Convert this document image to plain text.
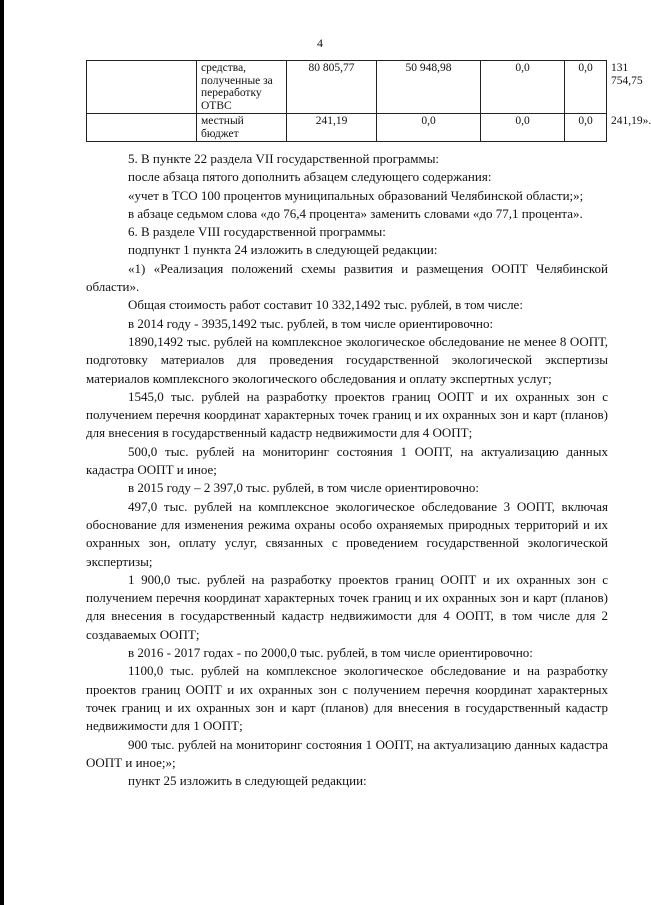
4
	средства, полученные за переработку ОТВС	80 805,77	50 948,98	0,0	0,0	131 754,75
	местный бюджет	241,19	0,0	0,0	0,0	241,19».

5. В пункте 22 раздела VII государственной программы:

после абзаца пятого дополнить абзацем следующего содержания:

«учет в ТСО 100 процентов муниципальных образований Челябинской области;»;

в абзаце седьмом слова «до 76,4 процента» заменить словами «до 77,1 процента».

6. В разделе VIII государственной программы:

подпункт 1 пункта 24 изложить в следующей редакции:

«1) «Реализация положений схемы развития и размещения ООПТ Челябинской области».

Общая стоимость работ составит 10 332,1492 тыс. рублей, в том числе:

в 2014 году - 3935,1492 тыс. рублей, в том числе ориентировочно:

1890,1492 тыс. рублей на комплексное экологическое обследование не менее 8 ООПТ, подготовку материалов для проведения государственной экологической экспертизы материалов комплексного экологического обследования и оплату экспертных услуг;

1545,0 тыс. рублей на разработку проектов границ ООПТ и их охранных зон с получением перечня координат характерных точек границ и их охранных зон и карт (планов) для внесения в государственный кадастр недвижимости для 4 ООПТ;

500,0 тыс. рублей на мониторинг состояния 1 ООПТ, на актуализацию данных кадастра ООПТ и иное;

в 2015 году – 2 397,0 тыс. рублей, в том числе ориентировочно:

497,0 тыс. рублей на комплексное экологическое обследование 3 ООПТ, включая обоснование для изменения режима охраны особо охраняемых природных территорий и их охранных зон, оплату услуг, связанных с проведением государственной экологической экспертизы;

1 900,0 тыс. рублей на разработку проектов границ ООПТ и их охранных зон с получением перечня координат характерных точек границ и их охранных зон и карт (планов) для внесения в государственный кадастр недвижимости для 4 ООПТ, в том числе для 2 создаваемых ООПТ;

в 2016 - 2017 годах - по 2000,0 тыс. рублей, в том числе ориентировочно:

1100,0 тыс. рублей на комплексное экологическое обследование и на разработку проектов границ ООПТ и их охранных зон с получением перечня координат характерных точек границ и их охранных зон и карт (планов) для внесения в государственный кадастр недвижимости для 1 ООПТ;

900 тыс. рублей на мониторинг состояния 1 ООПТ, на актуализацию данных кадастра ООПТ и иное;»;

пункт 25 изложить в следующей редакции:
